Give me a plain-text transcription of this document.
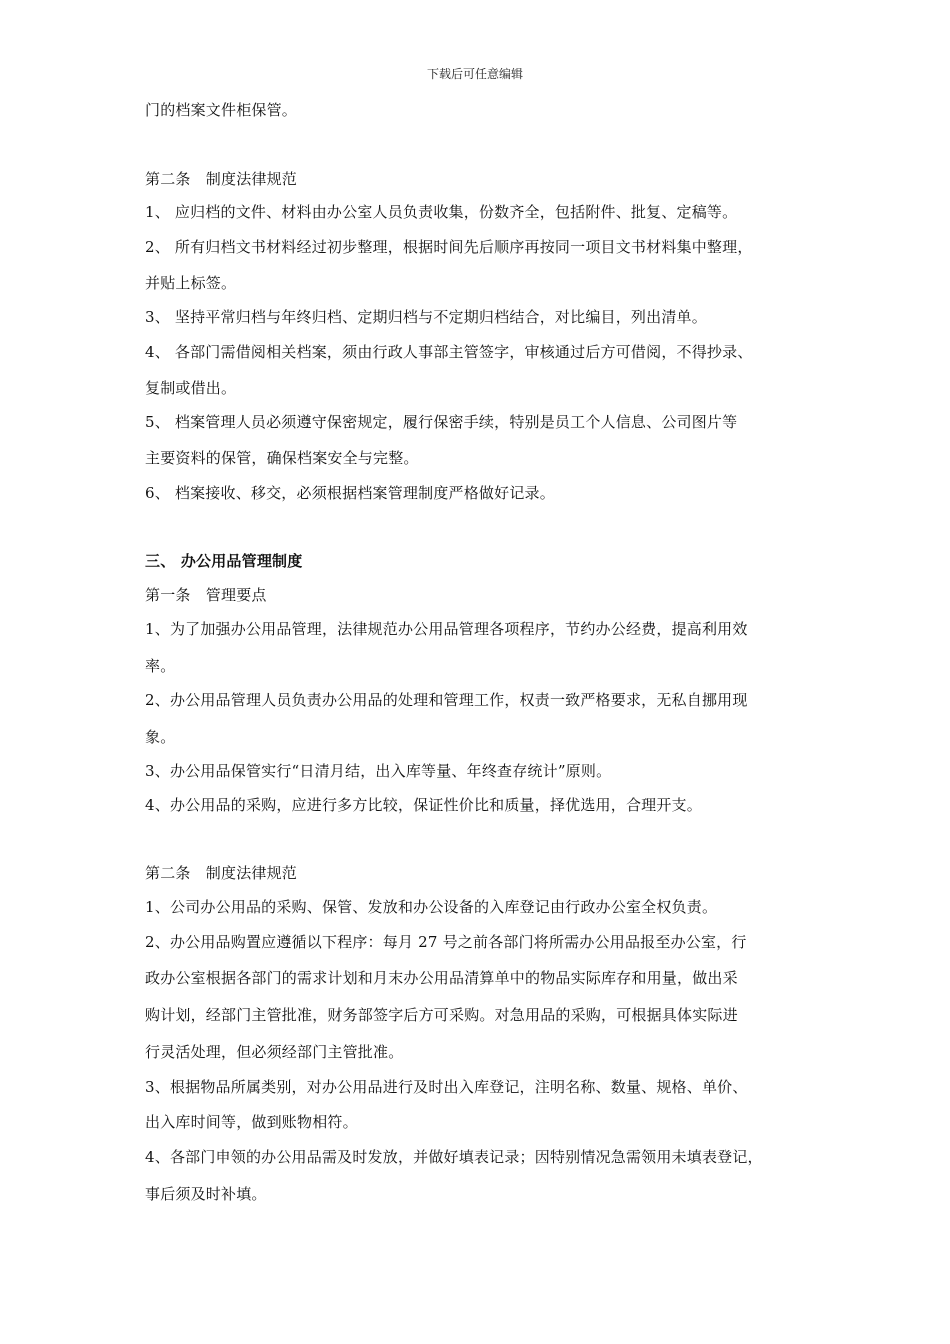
下载后可任意编辑
门的档案文件柜保管。
第二条　制度法律规范
1、 应归档的文件、材料由办公室人员负责收集，份数齐全，包括附件、批复、定稿等。
2、 所有归档文书材料经过初步整理，根据时间先后顺序再按同一项目文书材料集中整理，
并贴上标签。
3、 坚持平常归档与年终归档、定期归档与不定期归档结合，对比编目，列出清单。
4、 各部门需借阅相关档案，须由行政人事部主管签字，审核通过后方可借阅，不得抄录、
复制或借出。
5、 档案管理人员必须遵守保密规定，履行保密手续，特别是员工个人信息、公司图片等
主要资料的保管，确保档案安全与完整。
6、 档案接收、移交，必须根据档案管理制度严格做好记录。
三、 办公用品管理制度
第一条　管理要点
1、为了加强办公用品管理，法律规范办公用品管理各项程序，节约办公经费，提高利用效
率。
2、办公用品管理人员负责办公用品的处理和管理工作，权责一致严格要求，无私自挪用现
象。
3、办公用品保管实行“日清月结，出入库等量、年终查存统计”原则。
4、办公用品的采购，应进行多方比较，保证性价比和质量，择优选用，合理开支。
第二条　制度法律规范
1、公司办公用品的采购、保管、发放和办公设备的入库登记由行政办公室全权负责。
2、办公用品购置应遵循以下程序：每月 27 号之前各部门将所需办公用品报至办公室，行
政办公室根据各部门的需求计划和月末办公用品清算单中的物品实际库存和用量，做出采
购计划，经部门主管批准，财务部签字后方可采购。对急用品的采购，可根据具体实际进
行灵活处理，但必须经部门主管批准。
3、根据物品所属类别，对办公用品进行及时出入库登记，注明名称、数量、规格、单价、
出入库时间等，做到账物相符。
4、各部门申领的办公用品需及时发放，并做好填表记录；因特别情况急需领用未填表登记，
事后须及时补填。
